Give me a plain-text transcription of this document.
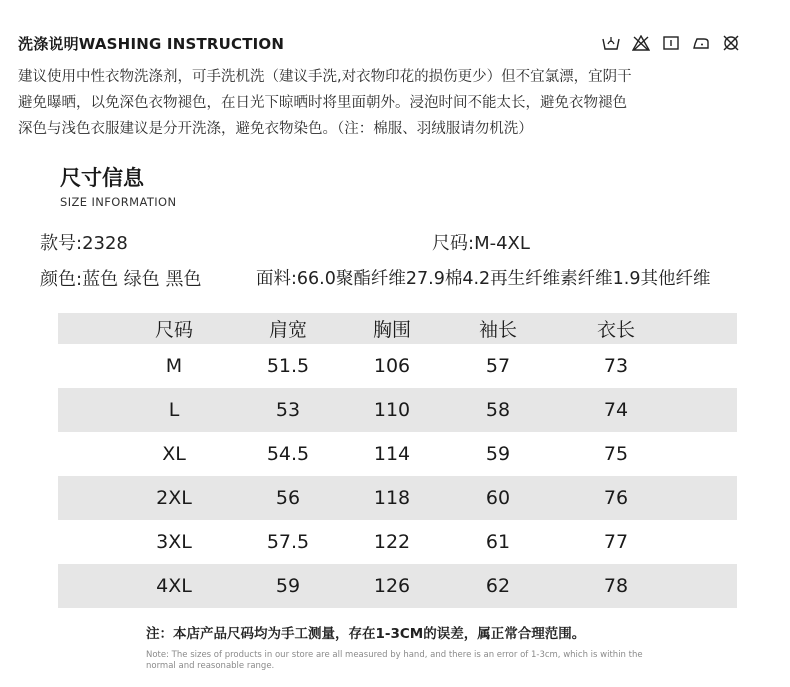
洗涤说明WASHING INSTRUCTION

建议使用中性衣物洗涤剂，可手洗机洗（建议手洗,对衣物印花的损伤更少）但不宜氯漂，宜阴干

避免曝晒，以免深色衣物褪色，在日光下晾晒时将里面朝外。浸泡时间不能太长，避免衣物褪色

深色与浅色衣服建议是分开洗涤，避免衣物染色。（注：棉服、羽绒服请勿机洗）

尺寸信息
SIZE INFORMATION
款号:2328	尺码:M-4XL
颜色:蓝色 绿色 黑色	面料:66.0聚酯纤维27.9棉4.2再生纤维素纤维1.9其他纤维
尺码	肩宽	胸围	袖长	衣长
M	51.5	106	57	73
L	53	110	58	74
XL	54.5	114	59	75
2XL	56	118	60	76
3XL	57.5	122	61	77
4XL	59	126	62	78
注：本店产品尺码均为手工测量，存在1-3CM的误差，属正常合理范围。
Note: The sizes of products in our store are all measured by hand, and there is an error of 1-3cm, which is within the normal and reasonable range.
